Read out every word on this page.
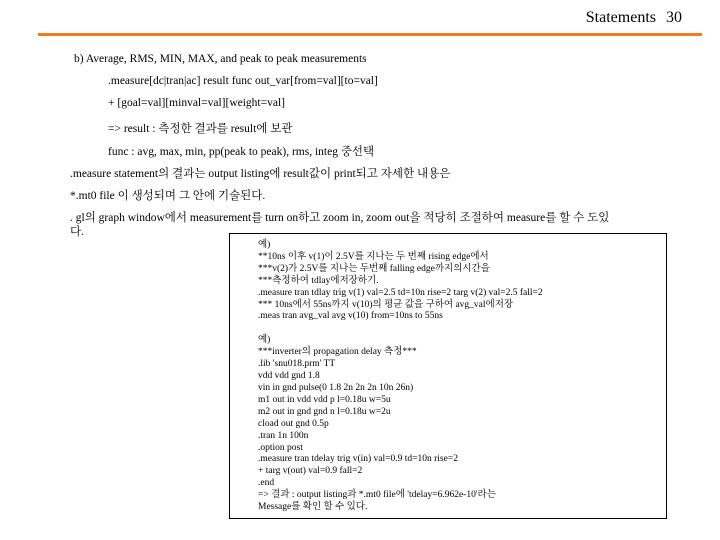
Statements 30
b) Average, RMS, MIN, MAX, and peak to peak measurements
.measure[dc|tran|ac] result func out_var[from=val][to=val]
+ [goal=val][minval=val][weight=val]
=> result : 측정한 결과를 result에 보관
func : avg, max, min, pp(peak to peak), rms, integ 중선택
.measure statement의 결과는 output listing에 result값이 print되고 자세한 내용은
*.mt0 file 이 생성되며 그 안에 기술된다.
. gl의 graph window에서 measurement를 turn on하고 zoom in, zoom out을 적당히 조절하여 measure를 할 수 도있
다.
예)
**10ns 이후 v(1)이 2.5V를 지나는 두 번째 rising edge에서
***v(2)가 2.5V를 지나는 두번째 falling edge까지의시간을
***측정하여 tdlay에저장하기.
.measure tran tdlay trig v(1) val=2.5 td=10n rise=2 targ v(2) val=2.5 fall=2
*** 10ns에서 55ns까지 v(10)의 평균 값을 구하여 avg_val에저장
.meas tran avg_val avg v(10) from=10ns to 55ns
예)
***inverter의 propagation delay 측정***
.lib 'snu018.prm' TT
vdd vdd gnd 1.8
vin in gnd pulse(0 1.8 2n 2n 2n 10n 26n)
m1 out in vdd vdd p l=0.18u w=5u
m2 out in gnd gnd n l=0.18u w=2u
cload out gnd 0.5p
.tran 1n 100n
.option post
.measure tran tdelay trig v(in) val=0.9 td=10n rise=2
+ targ v(out) val=0.9 fall=2
.end
=> 결과 : output listing과 *.mt0 file에 'tdelay=6.962e-10'라는
Message를 확인 할 수 있다.
